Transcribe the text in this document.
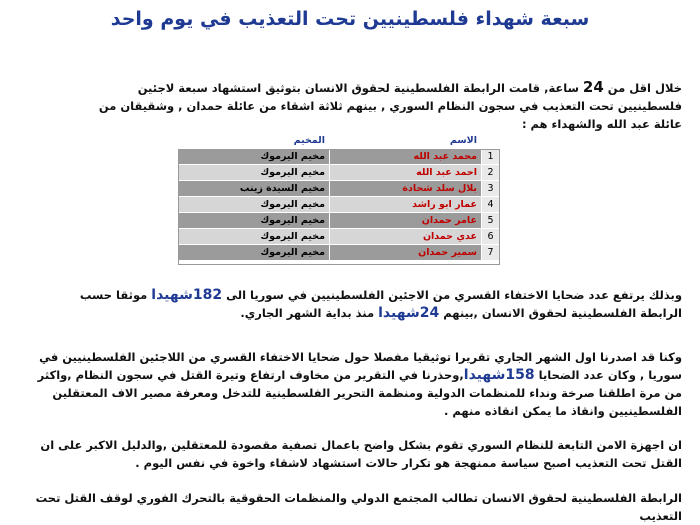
سبعة شهداء فلسطينيين تحت التعذيب في يوم واحد

خلال اقل من 24 ساعة, قامت الرابطة الفلسطينية لحقوق الانسان بتوثيق استشهاد سبعة لاجئين فلسطينيين تحت التعذيب في سجون النظام السوري , بينهم ثلاثة اشقاء من عائلة حمدان , وشقيقان من عائلة عبد الله والشهداء هم :

	الاسم	المخيم
1	محمد عبد الله	مخيم اليرموك
2	احمد عبد الله	مخيم اليرموك
3	بلال سلد شحادة	مخيم السيدة زينب
4	عمار ابو راشد	مخيم اليرموك
5	عامر حمدان	مخيم اليرموك
6	عدي حمدان	مخيم اليرموك
7	سمير حمدان	مخيم اليرموك

وبذلك يرتفع عدد ضحايا الاختفاء القسري من الاجئين الفلسطينيين في سوريا الى 182شهيدا موثقا حسب الرابطة الفلسطينية لحقوق الانسان ,بينهم 24شهيدا منذ بداية الشهر الجاري.

وكنا قد اصدرنا اول الشهر الجاري تقريرا توثيقيا مفصلا حول ضحايا الاختفاء القسري من اللاجئين الفلسطينيين في سوريا , وكان عدد الضحايا 158شهيدا,وحذرنا في التقرير من مخاوف ارتفاع وتيرة القتل في سجون النظام ,واكثر من مرة اطلقنا صرخة ونداء للمنظمات الدولية ومنظمة التحرير الفلسطينية للتدخل ومعرفة مصير الاف المعتقلين الفلسطينيين وانقاذ ما يمكن انقاذه منهم .

ان اجهزة الامن التابعة للنظام السوري تقوم بشكل واضح باعمال تصفية مقصودة للمعتقلين ,والدليل الاكبر على ان القتل تحت التعذيب اصبح سياسة ممنهجة هو تكرار حالات استشهاد لاشقاء واخوة في نفس اليوم .

الرابطة الفلسطينية لحقوق الانسان تطالب المجتمع الدولي والمنظمات الحقوقية بالتحرك الفوري لوقف القتل تحت التعذيب
